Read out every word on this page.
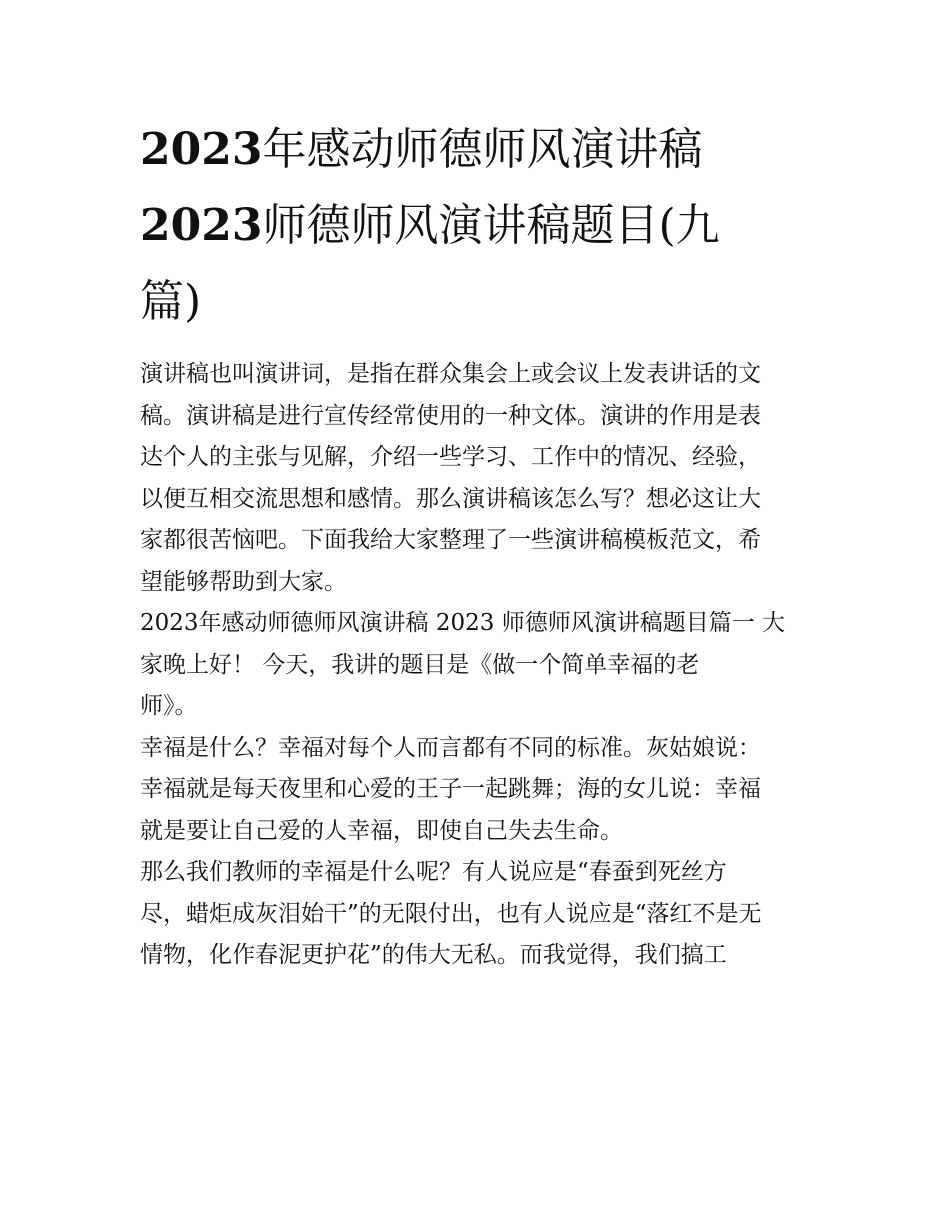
2023年感动师德师风演讲稿
2023师德师风演讲稿题目(九
篇)

演讲稿也叫演讲词，是指在群众集会上或会议上发表讲话的文
稿。演讲稿是进行宣传经常使用的一种文体。演讲的作用是表
达个人的主张与见解，介绍一些学习、工作中的情况、经验，
以便互相交流思想和感情。那么演讲稿该怎么写？想必这让大
家都很苦恼吧。下面我给大家整理了一些演讲稿模板范文，希
望能够帮助到大家。

2023年感动师德师风演讲稿 2023 师德师风演讲稿题目篇一 大
家晚上好！ 今天，我讲的题目是《做一个简单幸福的老
师》。

幸福是什么？幸福对每个人而言都有不同的标准。灰姑娘说：
幸福就是每天夜里和心爱的王子一起跳舞；海的女儿说：幸福
就是要让自己爱的人幸福，即使自己失去生命。

那么我们教师的幸福是什么呢？有人说应是“春蚕到死丝方
尽，蜡炬成灰泪始干”的无限付出，也有人说应是“落红不是无
情物，化作春泥更护花”的伟大无私。而我觉得，我们搞工
